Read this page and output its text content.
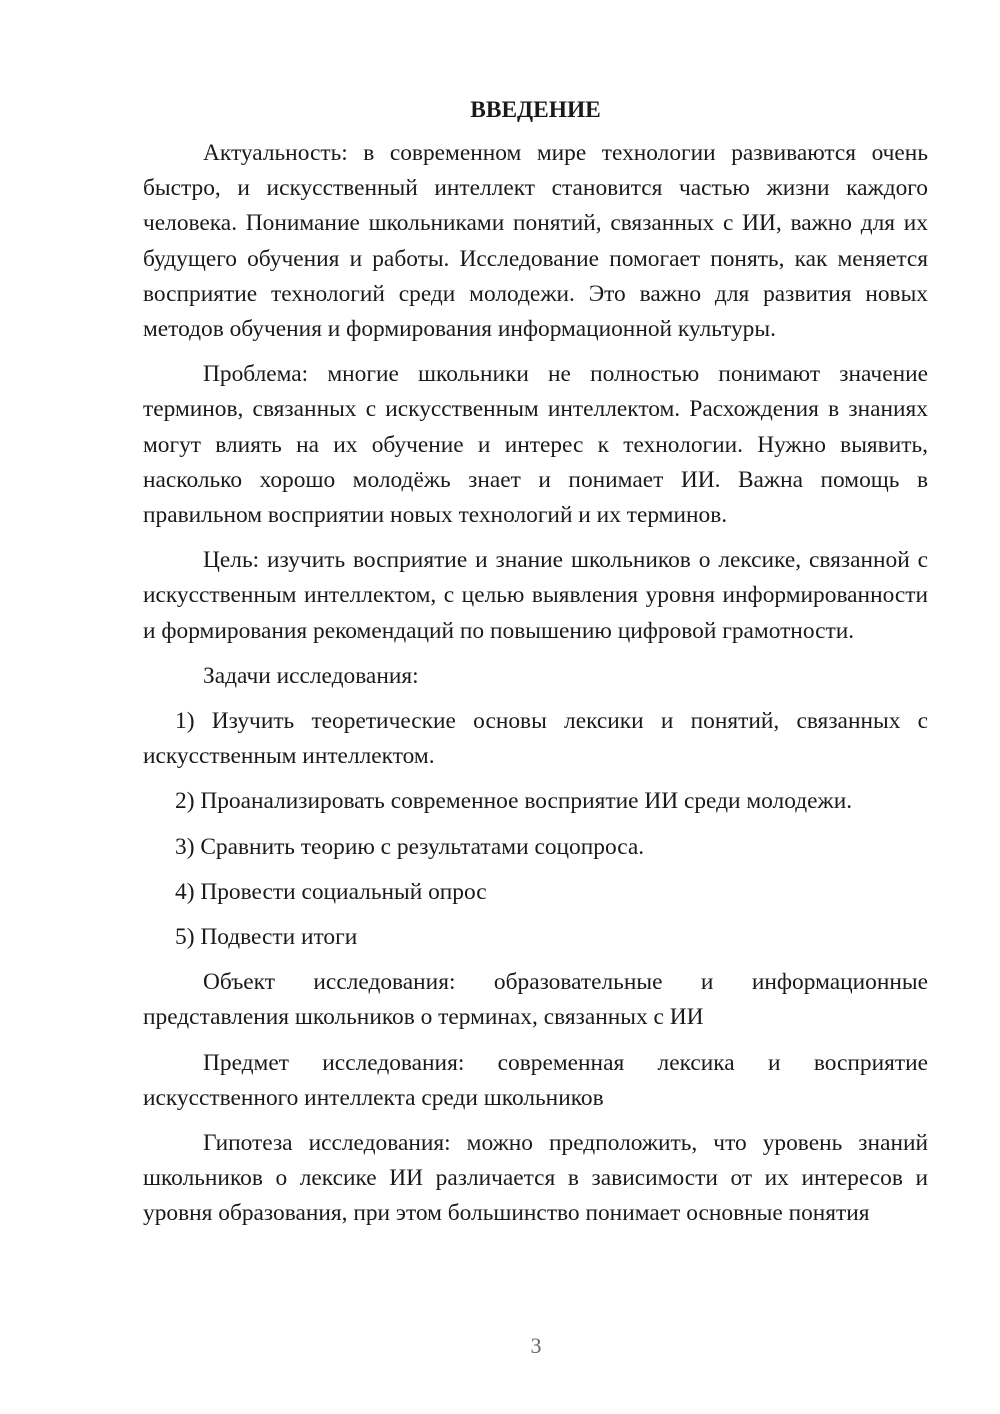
ВВЕДЕНИЕ

Актуальность: в современном мире технологии развиваются очень быстро, и искусственный интеллект становится частью жизни каждого человека. Понимание школьниками понятий, связанных с ИИ, важно для их будущего обучения и работы. Исследование помогает понять, как меняется восприятие технологий среди молодежи. Это важно для развития новых методов обучения и формирования информационной культуры.

Проблема: многие школьники не полностью понимают значение терминов, связанных с искусственным интеллектом. Расхождения в знаниях могут влиять на их обучение и интерес к технологии. Нужно выявить, насколько хорошо молодёжь знает и понимает ИИ. Важна помощь в правильном восприятии новых технологий и их терминов.

Цель: изучить восприятие и знание школьников о лексике, связанной с искусственным интеллектом, с целью выявления уровня информированности и формирования рекомендаций по повышению цифровой грамотности.

Задачи исследования:

1) Изучить теоретические основы лексики и понятий, связанных с искусственным интеллектом.

2) Проанализировать современное восприятие ИИ среди молодежи.

3) Сравнить теорию с результатами соцопроса.

4) Провести социальный опрос

5) Подвести итоги

Объект исследования: образовательные и информационные представления школьников о терминах, связанных с ИИ

Предмет исследования: современная лексика и восприятие искусственного интеллекта среди школьников

Гипотеза исследования: можно предположить, что уровень знаний школьников о лексике ИИ различается в зависимости от их интересов и уровня образования, при этом большинство понимает основные понятия

3
